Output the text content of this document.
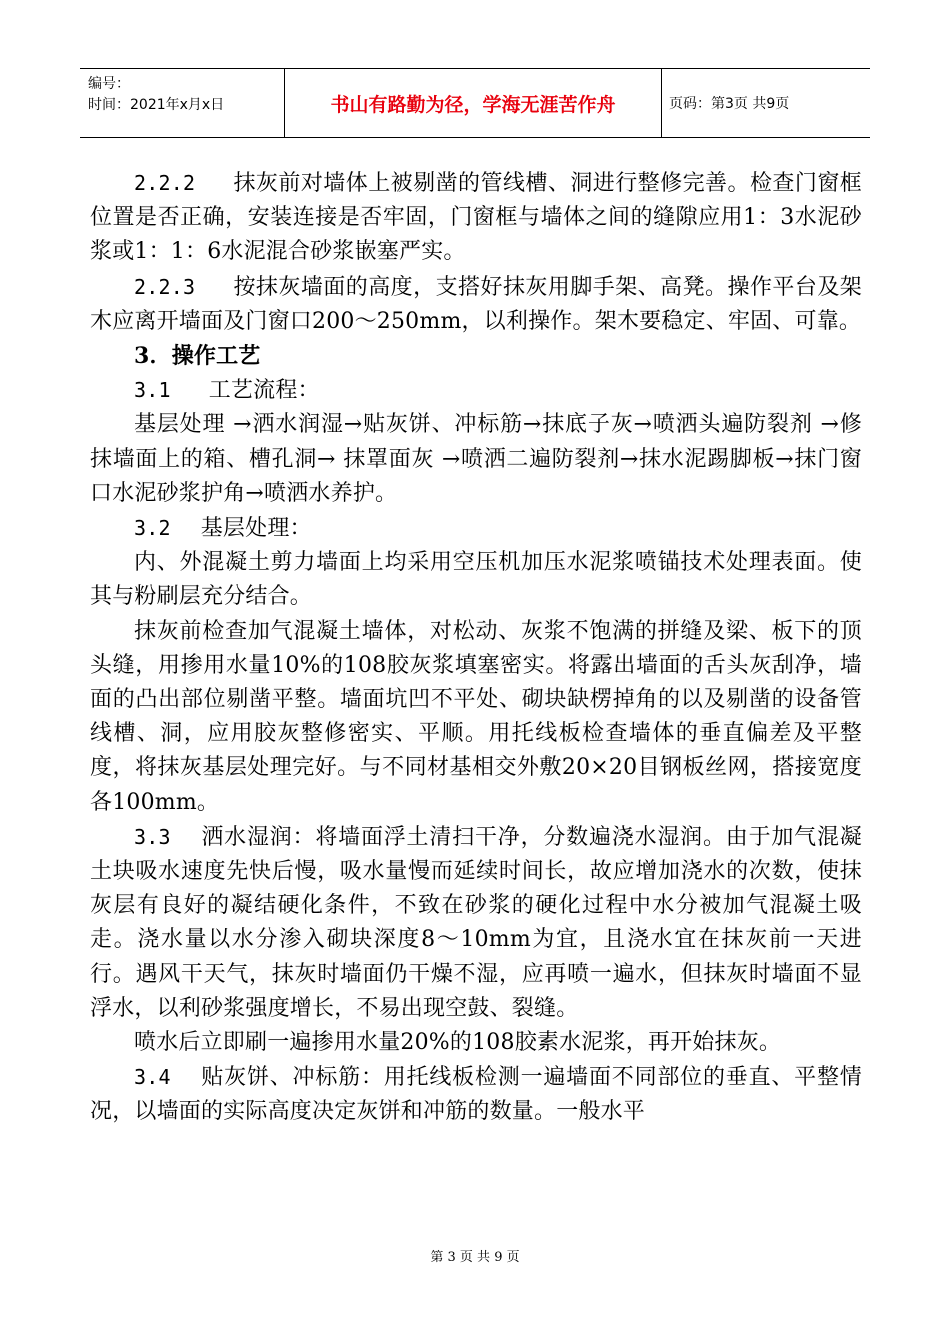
编号：
时间：2021年x月x日	书山有路勤为径，学海无涯苦作舟	页码：第3页 共9页

2.2.2 抹灰前对墙体上被剔凿的管线槽、洞进行整修完善。检查门窗框位置是否正确，安装连接是否牢固，门窗框与墙体之间的缝隙应用1：3水泥砂浆或1：1：6水泥混合砂浆嵌塞严实。

2.2.3 按抹灰墙面的高度，支搭好抹灰用脚手架、高凳。操作平台及架木应离开墙面及门窗口200～250mm，以利操作。架木要稳定、牢固、可靠。

3．操作工艺

3.1 工艺流程：

基层处理 →洒水润湿→贴灰饼、冲标筋→抹底子灰→喷洒头遍防裂剂 →修抹墙面上的箱、槽孔洞→ 抹罩面灰 →喷洒二遍防裂剂→抹水泥踢脚板→抹门窗口水泥砂浆护角→喷洒水养护。

3.2 基层处理：

内、外混凝土剪力墙面上均采用空压机加压水泥浆喷锚技术处理表面。使其与粉刷层充分结合。

抹灰前检查加气混凝土墙体，对松动、灰浆不饱满的拼缝及梁、板下的顶头缝，用掺用水量10%的108胶灰浆填塞密实。将露出墙面的舌头灰刮净，墙面的凸出部位剔凿平整。墙面坑凹不平处、砌块缺楞掉角的以及剔凿的设备管线槽、洞，应用胶灰整修密实、平顺。用托线板检查墙体的垂直偏差及平整度，将抹灰基层处理完好。与不同材基相交外敷20×20目钢板丝网，搭接宽度各100mm。

3.3 洒水湿润：将墙面浮土清扫干净，分数遍浇水湿润。由于加气混凝土块吸水速度先快后慢，吸水量慢而延续时间长，故应增加浇水的次数，使抹灰层有良好的凝结硬化条件，不致在砂浆的硬化过程中水分被加气混凝土吸走。浇水量以水分渗入砌块深度8～10mm为宜，且浇水宜在抹灰前一天进行。遇风干天气，抹灰时墙面仍干燥不湿，应再喷一遍水，但抹灰时墙面不显浮水，以利砂浆强度增长，不易出现空鼓、裂缝。

喷水后立即刷一遍掺用水量20%的108胶素水泥浆，再开始抹灰。

3.4 贴灰饼、冲标筋：用托线板检测一遍墙面不同部位的垂直、平整情况，以墙面的实际高度决定灰饼和冲筋的数量。一般水平

第 3 页 共 9 页
